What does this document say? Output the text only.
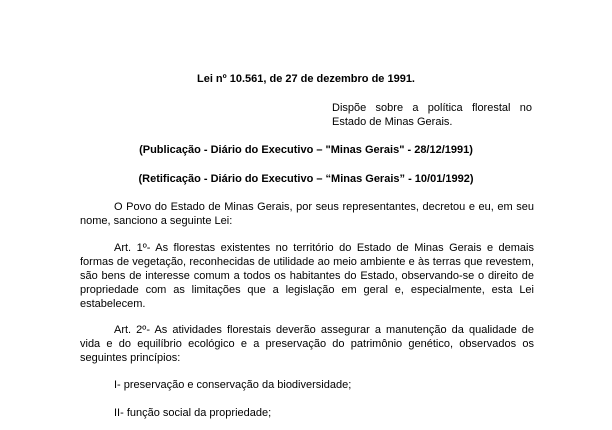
Lei nº 10.561, de 27 de dezembro de 1991.
Dispõe sobre a política florestal no Estado de Minas Gerais.
(Publicação - Diário do Executivo – "Minas Gerais" - 28/12/1991)
(Retificação - Diário do Executivo – “Minas Gerais” - 10/01/1992)

O Povo do Estado de Minas Gerais, por seus representantes, decretou e eu, em seu nome, sanciono a seguinte Lei:

Art. 1º- As florestas existentes no território do Estado de Minas Gerais e demais formas de vegetação, reconhecidas de utilidade ao meio ambiente e às terras que revestem, são bens de interesse comum a todos os habitantes do Estado, observando-se o direito de propriedade com as limitações que a legislação em geral e, especialmente, esta Lei estabelecem.

Art. 2º- As atividades florestais deverão assegurar a manutenção da qualidade de vida e do equilíbrio ecológico e a preservação do patrimônio genético, observados os seguintes princípios:

I- preservação e conservação da biodiversidade;
II- função social da propriedade;
